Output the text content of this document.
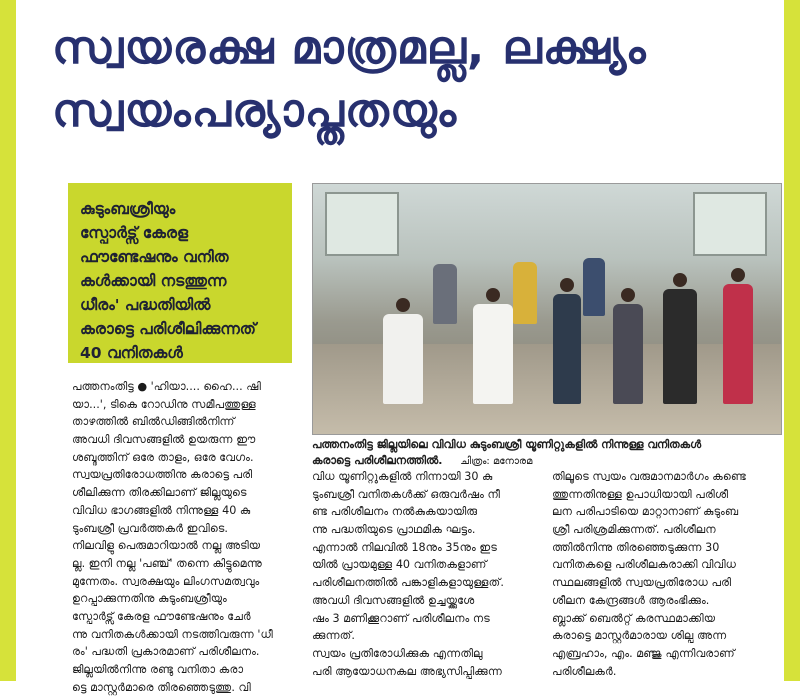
സ്വയരക്ഷ മാത്രമല്ല, ലക്ഷ്യം
സ്വയംപര്യാപ്തതയും
കുടുംബശ്രീയും
സ്പോർട്സ് കേരള
ഫൗണ്ടേഷനും വനിത
കൾക്കായി നടത്തുന്ന
ധീരം' പദ്ധതിയിൽ
കരാട്ടെ പരിശീലിക്കുന്നത്
40 വനിതകൾ
പത്തനംതിട്ട ജില്ലയിലെ വിവിധ കുടുംബശ്രീ യൂണിറ്റുകളിൽ നിന്നുള്ള വനിതകൾ
കരാട്ടെ പരിശീലനത്തിൽ. ചിത്രം: മനോരമ
പത്തനംതിട്ട ● 'ഹിയാ.... ഹൈ... ഷി
യാ...', ടികെ റോഡിനു സമീപത്തുള്ള
താഴത്തിൽ ബിൽഡിങ്ങിൽനിന്ന്
അവധി ദിവസങ്ങളിൽ ഉയരുന്ന ഈ
ശബ്ദത്തിന് ഒരേ താളം, ഒരേ വേഗം.
സ്വയപ്രതിരോധത്തിനു കരാട്ടെ പരി
ശീലിക്കുന്ന തിരക്കിലാണ് ജില്ലയുടെ
വിവിധ ഭാഗങ്ങളിൽ നിന്നുള്ള 40 കു
ടുംബശ്രീ പ്രവർത്തകർ ഇവിടെ.
നിലവിളു പെരുമാറിയാൽ നല്ല അടിയ
ല്ല. ഇനി നല്ല 'പഞ്ച്' തന്നെ കിട്ടുമെന്നു
മുന്നേതം. സ്വരക്ഷയും ലിംഗസമത്വവും
ഉറപ്പാക്കുന്നതിനു കുടുംബശ്രീയും
സ്പോർട്സ് കേരള ഫൗണ്ടേഷനും ചേർ
ന്നു വനിതകൾക്കായി നടത്തിവരുന്ന 'ധീ
രം' പദ്ധതി പ്രകാരമാണ് പരിശീലനം.
ജില്ലയിൽനിന്നു രണ്ടു വനിതാ കരാ
ട്ടെ മാസ്റ്റർമാരെ തിരഞ്ഞെടുത്തു. വി
വിധ യൂണിറ്റുകളിൽ നിന്നായി 30 കു
ടുംബശ്രീ വനിതകൾക്ക് ഒരുവർഷം നീ
ണ്ട പരിശീലനം നൽകുകയായിരു
ന്നു പദ്ധതിയുടെ പ്രാഥമിക ഘട്ടം.
എന്നാൽ നിലവിൽ 18നും 35നും ഇട
യിൽ പ്രായമുള്ള 40 വനിതകളാണ്
പരിശീലനത്തിൽ പങ്കാളികളായുള്ളത്.
അവധി ദിവസങ്ങളിൽ ഉച്ചയ്ക്കുശേ
ഷം 3 മണിക്കൂറാണ് പരിശീലനം നട
ക്കുന്നത്.
സ്വയം പ്രതിരോധിക്കുക എന്നതിലു
പരി ആയോധനകല അഭ്യസിപ്പിക്കുന്ന
തിലൂടെ സ്വയം വരുമാനമാർഗം കണ്ടെ
ത്തുന്നതിനുള്ള ഉപാധിയായി പരിശീ
ലന പരിപാടിയെ മാറ്റാനാണ് കുടുംബ
ശ്രീ പരിശ്രമിക്കുന്നത്. പരിശീലന
ത്തിൽനിന്നു തിരഞ്ഞെടുക്കുന്ന 30
വനിതകളെ പരിശീലകരാക്കി വിവിധ
സ്ഥലങ്ങളിൽ സ്വയപ്രതിരോധ പരി
ശീലന കേന്ദ്രങ്ങൾ ആരംഭിക്കും.
ബ്ലാക്ക് ബെൽറ്റ് കരസ്ഥമാക്കിയ
കരാട്ടെ മാസ്റ്റർമാരായ ശില്പ അന്ന
എബ്രഹാം, എം. മഞ്ജു എന്നിവരാണ്
പരിശീലകർ.
